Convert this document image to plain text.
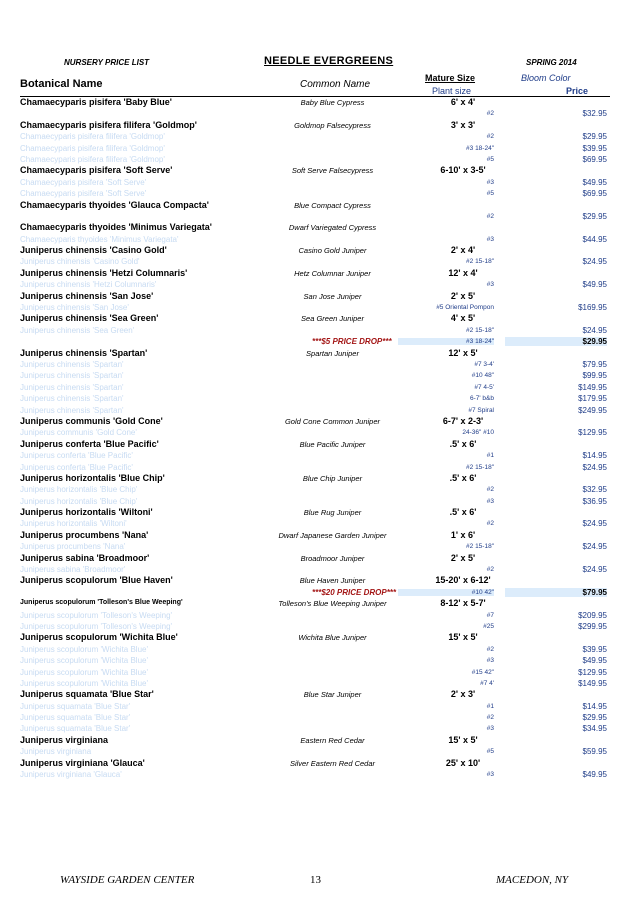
NURSERY PRICE LIST	NEEDLE EVERGREENS	SPRING 2014
Botanical Name	Common Name
Mature Size	Bloom Color
Plant size	Price
Chamaecyparis pisifera 'Baby Blue'	Baby Blue Cypress	6' x 4'
#2	$32.95
Chamaecyparis pisifera filifera 'Goldmop'	Goldmop Falsecypress	3' x 3'
Chamaecyparis pisifera filifera 'Goldmop'	#2	$29.95
Chamaecyparis pisifera filifera 'Goldmop'	#3 18-24"	$39.95
Chamaecyparis pisifera filifera 'Goldmop'	#5	$69.95
Chamaecyparis pisifera 'Soft Serve'	Soft Serve Falsecypress	6-10' x 3-5'
Chamaecyparis pisifera 'Soft Serve'	#3	$49.95
Chamaecyparis pisifera 'Soft Serve'	#5	$69.95
Chamaecyparis thyoides 'Glauca Compacta'	Blue Compact Cypress
#2	$29.95
Chamaecyparis thyoides 'Minimus Variegata'	Dwarf Variegated Cypress
Chamaecyparis thyoides 'Minimus Variegata'	#3	$44.95
Juniperus chinensis 'Casino Gold'	Casino Gold Juniper	2' x 4'
Juniperus chinensis 'Casino Gold'	#2 15-18"	$24.95
Juniperus chinensis 'Hetzi Columnaris'	Hetz Columnar Juniper	12' x 4'
Juniperus chinensis 'Hetzi Columnaris'	#3	$49.95
Juniperus chinensis 'San Jose'	San Jose Juniper	2' x 5'
Juniperus chinensis 'San Jose'	#5 Oriental Pompon	$169.95
Juniperus chinensis 'Sea Green'	Sea Green Juniper	4' x 5'
Juniperus chinensis 'Sea Green'	#2 15-18"	$24.95
***$5 PRICE DROP***	#3 18-24"	$29.95
Juniperus chinensis 'Spartan'	Spartan Juniper	12' x 5'
Juniperus chinensis 'Spartan'	#7 3-4'	$79.95
Juniperus chinensis 'Spartan'	#10 48"	$99.95
Juniperus chinensis 'Spartan'	#7 4-5'	$149.95
Juniperus chinensis 'Spartan'	6-7' b&b	$179.95
Juniperus chinensis 'Spartan'	#7 Spiral	$249.95
Juniperus communis 'Gold Cone'	Gold Cone Common Juniper	6-7' x 2-3'
Juniperus communis 'Gold Cone'	24-36" #10	$129.95
Juniperus conferta 'Blue Pacific'	Blue Pacific Juniper	.5' x 6'
Juniperus conferta 'Blue Pacific'	#1	$14.95
Juniperus conferta 'Blue Pacific'	#2 15-18"	$24.95
Juniperus horizontalis 'Blue Chip'	Blue Chip Juniper	.5' x 6'
Juniperus horizontalis 'Blue Chip'	#2	$32.95
Juniperus horizontalis 'Blue Chip'	#3	$36.95
Juniperus horizontalis 'Wiltoni'	Blue Rug Juniper	.5' x 6'
Juniperus horizontalis 'Wiltoni'	#2	$24.95
Juniperus procumbens 'Nana'	Dwarf Japanese Garden Juniper	1' x 6'
Juniperus procumbens 'Nana'	#2 15-18"	$24.95
Juniperus sabina 'Broadmoor'	Broadmoor Juniper	2' x 5'
Juniperus sabina 'Broadmoor'	#2	$24.95
Juniperus scopulorum 'Blue Haven'	Blue Haven Juniper	15-20' x 6-12'
***$20 PRICE DROP***	#10 42"	$79.95
Juniperus scopulorum 'Tolleson's Blue Weeping'	Tolleson's Blue Weeping Juniper	8-12' x 5-7'
Juniperus scopulorum 'Tolleson's Weeping'	#7	$209.95
Juniperus scopulorum 'Tolleson's Weeping'	#25	$299.95
Juniperus scopulorum 'Wichita Blue'	Wichita Blue Juniper	15' x 5'
Juniperus scopulorum 'Wichita Blue'	#2	$39.95
Juniperus scopulorum 'Wichita Blue'	#3	$49.95
Juniperus scopulorum 'Wichita Blue'	#15 42"	$129.95
Juniperus scopulorum 'Wichita Blue'	#7 4'	$149.95
Juniperus squamata 'Blue Star'	Blue Star Juniper	2' x 3'
Juniperus squamata 'Blue Star'	#1	$14.95
Juniperus squamata 'Blue Star'	#2	$29.95
Juniperus squamata 'Blue Star'	#3	$34.95
Juniperus virginiana	Eastern Red Cedar	15' x 5'
Juniperus virginiana	#5	$59.95
Juniperus virginiana 'Glauca'	Silver Eastern Red Cedar	25' x 10'
Juniperus virginiana 'Glauca'	#3	$49.95
WAYSIDE GARDEN CENTER	13	MACEDON, NY
